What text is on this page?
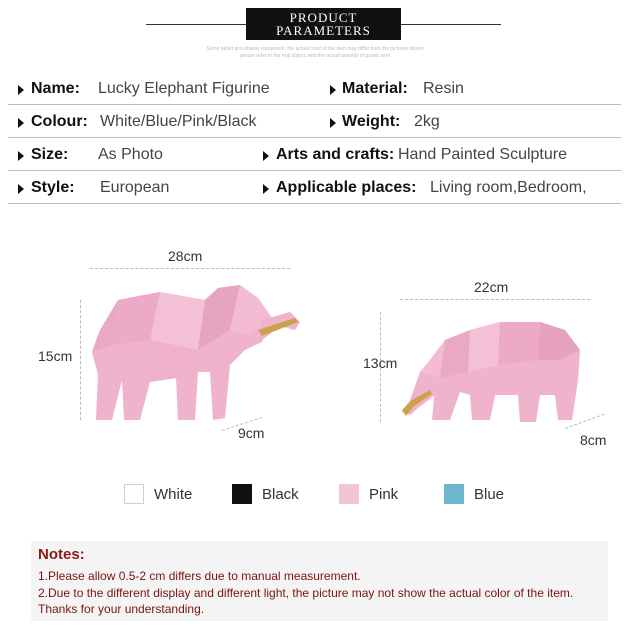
PRODUCT
PARAMETERS
Some tablet and display equipment, the actual color of the item may differ from the pictures shown
please refer to the real object, with the actual quantity of goods sent
Name: Lucky Elephant Figurine	Material: Resin
Colour: White/Blue/Pink/Black	Weight: 2kg
Size: As Photo	Arts and crafts: Hand Painted Sculpture
Style: European	Applicable places: Living room,Bedroom,
28cm
15cm
9cm
22cm
13cm
8cm
White	Black	Pink	Blue
Notes:
1.Please allow 0.5-2 cm differs due to manual measurement.
2.Due to the different display and different light, the picture may not show the actual color of the item.
Thanks for your understanding.
